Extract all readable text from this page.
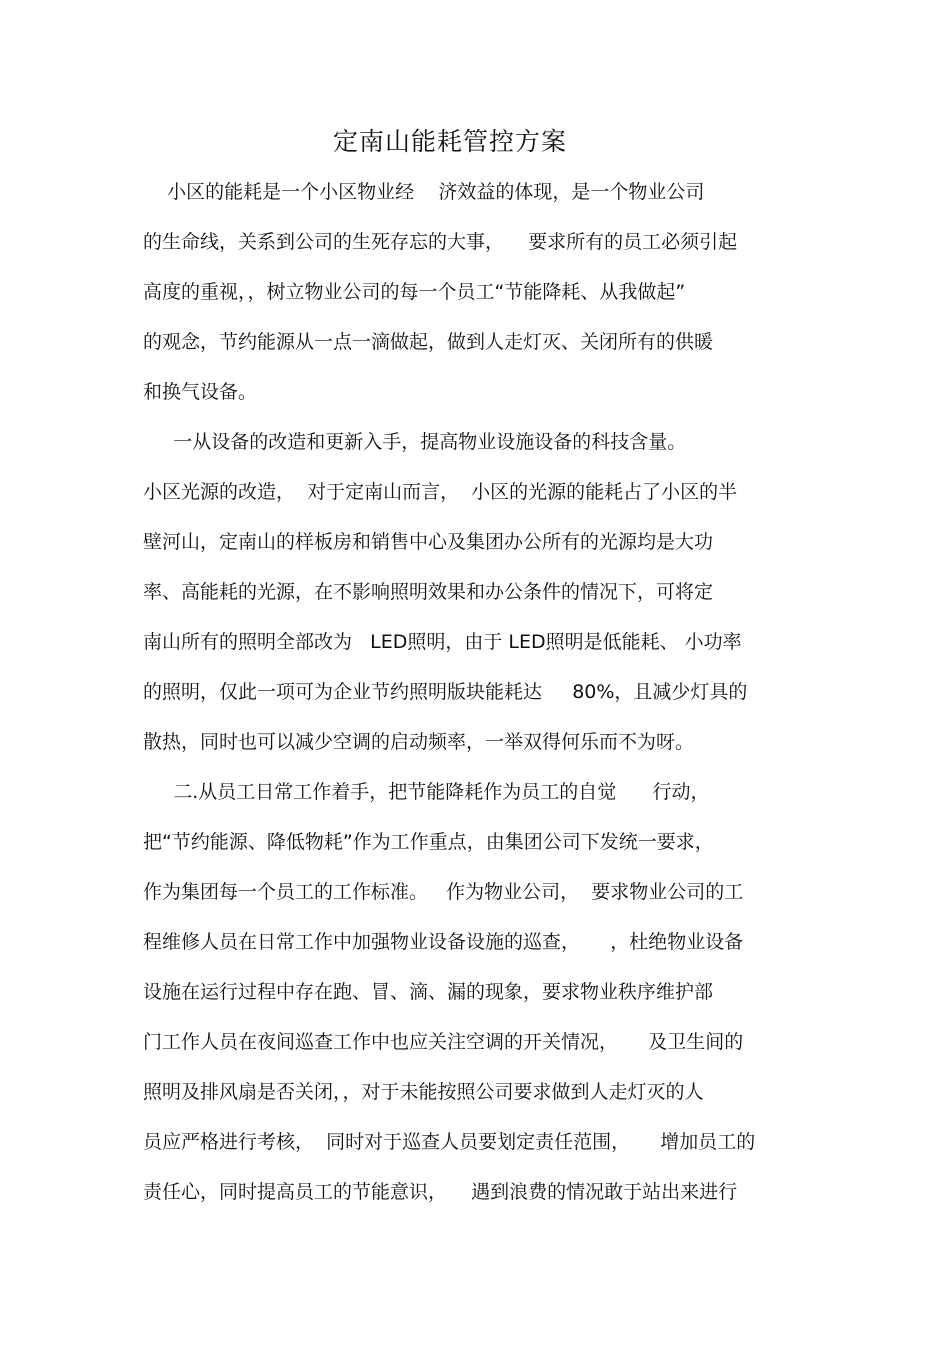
定南山能耗管控方案
小区的能耗是一个小区物业经    济效益的体现，是一个物业公司
的生命线，关系到公司的生死存忘的大事，    要求所有的员工必须引起
高度的重视，，树立物业公司的每一个员工“节能降耗、从我做起”
的观念，节约能源从一点一滴做起，做到人走灯灭、关闭所有的供暖
和换气设备。
一从设备的改造和更新入手，提高物业设施设备的科技含量。
小区光源的改造，  对于定南山而言，  小区的光源的能耗占了小区的半
壁河山，定南山的样板房和销售中心及集团办公所有的光源均是大功
率、高能耗的光源，在不影响照明效果和办公条件的情况下，可将定
南山所有的照明全部改为   LED照明，由于 LED照明是低能耗、 小功率
的照明，仅此一项可为企业节约照明版块能耗达     80%，且减少灯具的
散热，同时也可以减少空调的启动频率，一举双得何乐而不为呀。
二.从员工日常工作着手，把节能降耗作为员工的自觉      行动，
把“节约能源、降低物耗”作为工作重点，由集团公司下发统一要求，
作为集团每一个员工的工作标准。   作为物业公司，  要求物业公司的工
程维修人员在日常工作中加强物业设备设施的巡查，     ，杜绝物业设备
设施在运行过程中存在跑、冒、滴、漏的现象，要求物业秩序维护部
门工作人员在夜间巡查工作中也应关注空调的开关情况，     及卫生间的
照明及排风扇是否关闭，，对于未能按照公司要求做到人走灯灭的人
员应严格进行考核，  同时对于巡查人员要划定责任范围，     增加员工的
责任心，同时提高员工的节能意识，    遇到浪费的情况敢于站出来进行
